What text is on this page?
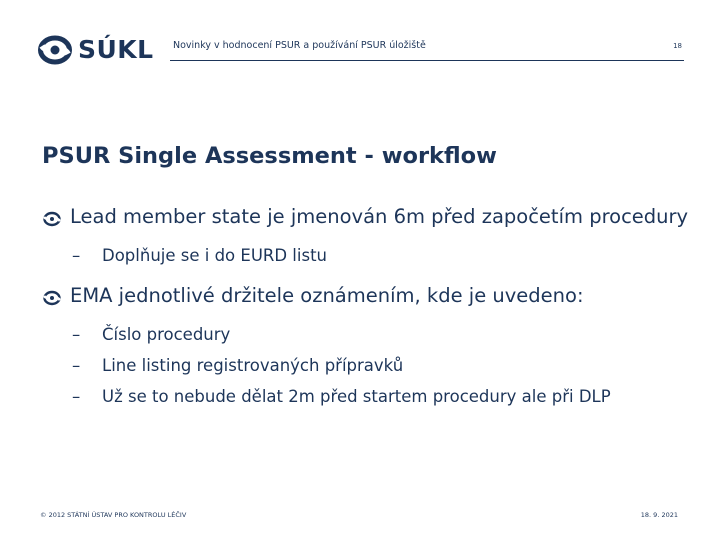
SÚKL Novinky v hodnocení PSUR a používání PSUR úložiště	18
PSUR Single Assessment - workflow

Lead member state je jmenován 6m před započetím procedury

– Doplňuje se i do EURD listu

EMA jednotlivé držitele oznámením, kde je uvedeno:

– Číslo procedury

– Line listing registrovaných přípravků

– Už se to nebude dělat 2m před startem procedury ale při DLP

© 2012 STÁTNÍ ÚSTAV PRO KONTROLU LÉČIV	18. 9. 2021
